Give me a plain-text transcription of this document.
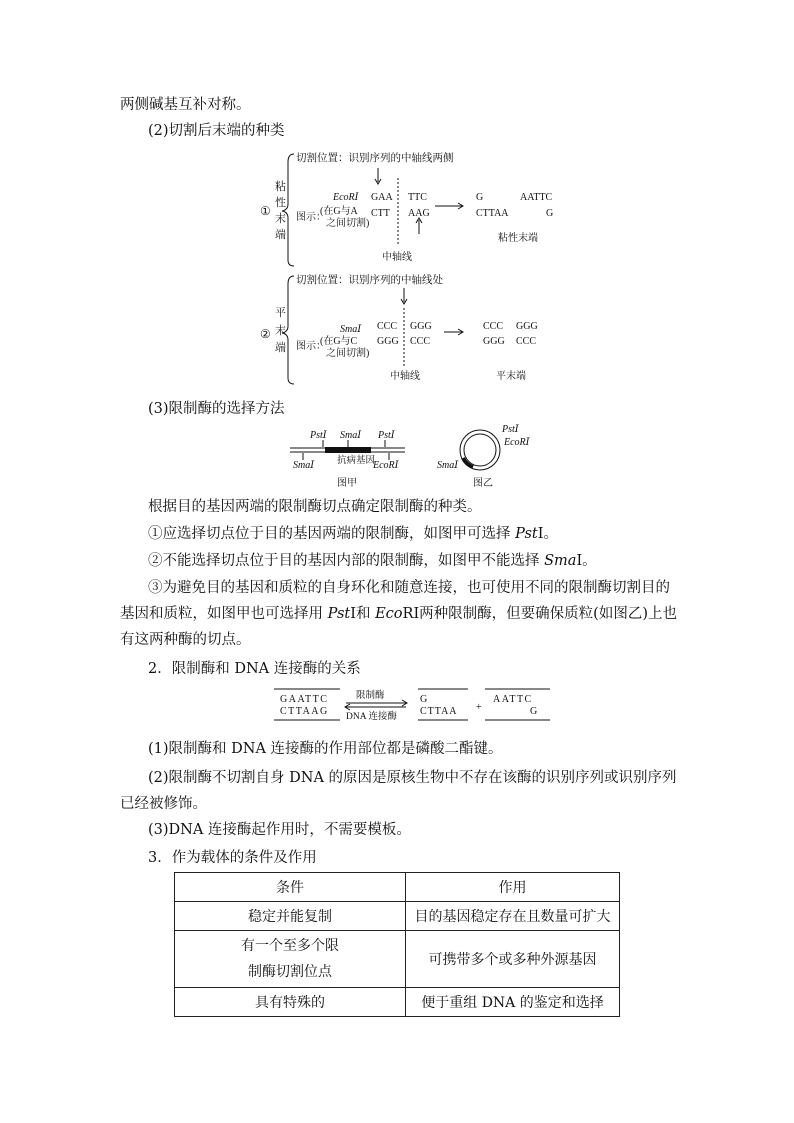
两侧碱基互补对称。
(2)切割后末端的种类
粘
性
①
末
端
切割位置：识别序列的中轴线两侧
EcoRⅠ
图示：
(在G与A
之间切割)
GAA
CTT
TTC
AAG
G	AATTC
CTTAA	G
粘性末端
中轴线
平
② 末
端
切割位置：识别序列的中轴线处
SmaⅠ
图示：
(在G与C
之间切割)
CCC
GGG
GGG
CCC
CCC GGG
GGG CCC
中轴线	平末端
(3)限制酶的选择方法
PstⅠ SmaⅠ PstⅠ
SmaⅠ 抗病基因
EcoRⅠ
图甲
PstⅠ
EcoRⅠ
SmaⅠ
图乙
根据目的基因两端的限制酶切点确定限制酶的种类。
①应选择切点位于目的基因两端的限制酶，如图甲可选择 PstⅠ。
②不能选择切点位于目的基因内部的限制酶，如图甲不能选择 SmaⅠ。
③为避免目的基因和质粒的自身环化和随意连接，也可使用不同的限制酶切割目的基因和质粒，如图甲也可选择用 PstⅠ和 EcoRⅠ两种限制酶，但要确保质粒(如图乙)上也有这两种酶的切点。
2．限制酶和 DNA 连接酶的关系
GAATTC
CTTAAG
限制酶
DNA 连接酶
G
CTTAA +
AATTC
G
(1)限制酶和 DNA 连接酶的作用部位都是磷酸二酯键。
(2)限制酶不切割自身 DNA 的原因是原核生物中不存在该酶的识别序列或识别序列已经被修饰。
(3)DNA 连接酶起作用时，不需要模板。
3．作为载体的条件及作用
条件	作用
稳定并能复制	目的基因稳定存在且数量可扩大
有一个至多个限
制酶切割位点	可携带多个或多种外源基因
具有特殊的	便于重组 DNA 的鉴定和选择
